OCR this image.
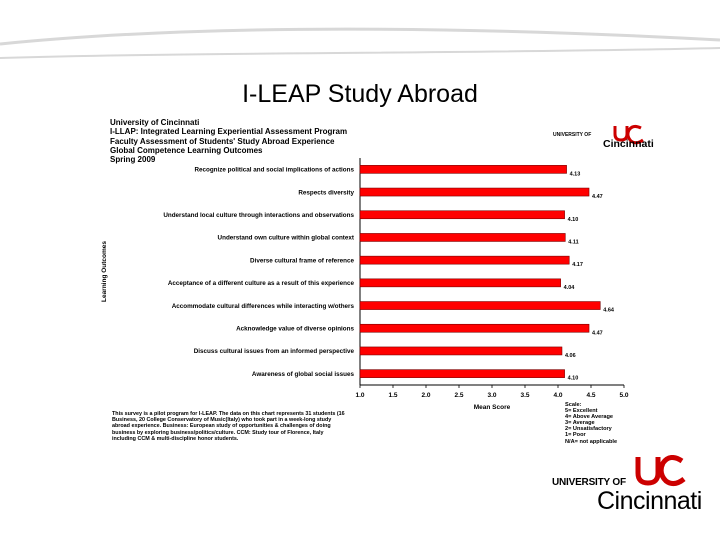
I-LEAP Study Abroad
University of Cincinnati
I-LLAP: Integrated Learning Experiential Assessment Program
Faculty Assessment of Students' Study Abroad Experience
Global Competence Learning Outcomes
Spring 2009
UNIVERSITY OF
Cincinnati
1.0	1.5	2.0	2.5	3.0	3.5	4.0	4.5	5.0
Mean Score
Learning Outcomes
Recognize political and social implications of actions
4.13
Respects diversity
4.47
Understand local culture through interactions and observations
4.10
Understand own culture within global context
4.11
Diverse cultural frame of reference
4.17
Acceptance of a different culture as a result of this experience
4.04
Accommodate cultural differences while interacting w/others
4.64
Acknowledge value of diverse opinions
4.47
Discuss cultural issues from an informed perspective
4.06
Awareness of global social issues
4.10
This survey is a pilot program for I-LEAP. The data on this chart represents 31 students (16 Business, 20 College Conservatory of Music(Italy) who took part in a week-long study abroad experience. Business: European study of opportunities & challenges of doing business by exploring business/politics/culture. CCM: Study tour of Florence, Italy including CCM & multi-discipline honor students.
Scale:
5= Excellent
4= Above Average
3= Average
2= Unsatisfactory
1= Poor
N/A= not applicable
UNIVERSITY OF
Cincinnati
